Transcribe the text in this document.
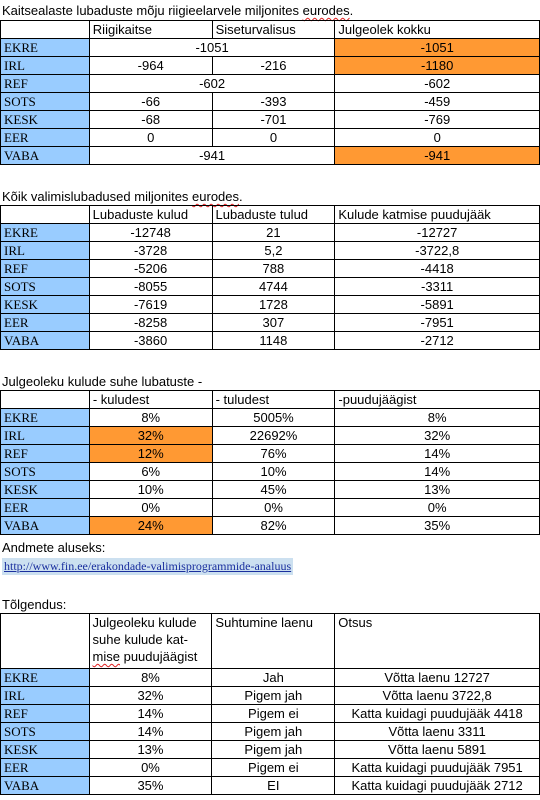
Kaitsealaste lubaduste mõju riigieelarvele miljonites eurodes.
	Riigikaitse	Siseturvalisus	Julgeolek kokku
EKRE	-1051		-1051
IRL	-964	-216	-1180
REF	-602		-602
SOTS	-66	-393	-459
KESK	-68	-701	-769
EER	0	0	0
VABA	-941		-941
Kõik valimislubadused miljonites eurodes.
	Lubaduste kulud	Lubaduste tulud	Kulude katmise puudujääk
EKRE	-12748	21	-12727
IRL	-3728	5,2	-3722,8
REF	-5206	788	-4418
SOTS	-8055	4744	-3311
KESK	-7619	1728	-5891
EER	-8258	307	-7951
VABA	-3860	1148	-2712
Julgeoleku kulude suhe lubatuste -
	- kuludest	- tuludest	-puudujäägist
EKRE	8%	5005%	8%
IRL	32%	22692%	32%
REF	12%	76%	14%
SOTS	6%	10%	14%
KESK	10%	45%	13%
EER	0%	0%	0%
VABA	24%	82%	35%
Andmete aluseks:
http://www.fin.ee/erakondade-valimisprogrammide-analuus
Tõlgendus:
	Julgeoleku kulude
suhe kulude kat-
mise puudujäägist	Suhtumine laenu	Otsus
EKRE	8%	Jah	Võtta laenu 12727
IRL	32%	Pigem jah	Võtta laenu 3722,8
REF	14%	Pigem ei	Katta kuidagi puudujääk 4418
SOTS	14%	Pigem jah	Võtta laenu 3311
KESK	13%	Pigem jah	Võtta laenu 5891
EER	0%	Pigem ei	Katta kuidagi puudujääk 7951
VABA	35%	EI	Katta kuidagi puudujääk 2712
